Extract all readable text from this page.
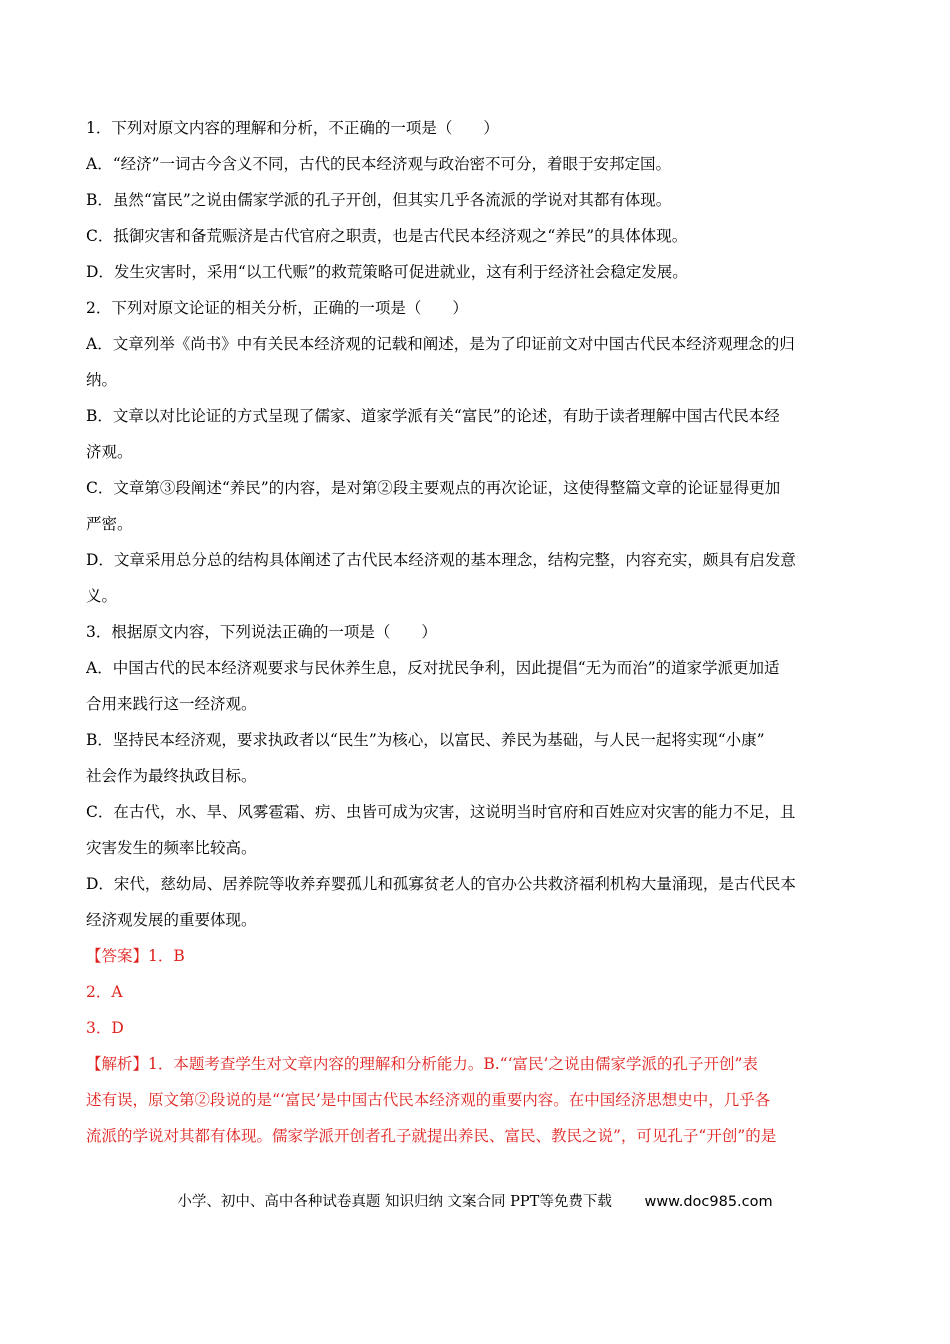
1．下列对原文内容的理解和分析，不正确的一项是（　　）
A．“经济”一词古今含义不同，古代的民本经济观与政治密不可分，着眼于安邦定国。
B．虽然“富民”之说由儒家学派的孔子开创，但其实几乎各流派的学说对其都有体现。
C．抵御灾害和备荒赈济是古代官府之职责，也是古代民本经济观之“养民”的具体体现。
D．发生灾害时，采用“以工代赈”的救荒策略可促进就业，这有利于经济社会稳定发展。
2．下列对原文论证的相关分析，正确的一项是（　　）
A．文章列举《尚书》中有关民本经济观的记载和阐述，是为了印证前文对中国古代民本经济观理念的归
纳。
B．文章以对比论证的方式呈现了儒家、道家学派有关“富民”的论述，有助于读者理解中国古代民本经
济观。
C．文章第③段阐述“养民”的内容，是对第②段主要观点的再次论证，这使得整篇文章的论证显得更加
严密。
D．文章采用总分总的结构具体阐述了古代民本经济观的基本理念，结构完整，内容充实，颇具有启发意
义。
3．根据原文内容，下列说法正确的一项是（　　）
A．中国古代的民本经济观要求与民休养生息，反对扰民争利，因此提倡“无为而治”的道家学派更加适
合用来践行这一经济观。
B．坚持民本经济观，要求执政者以“民生”为核心，以富民、养民为基础，与人民一起将实现“小康”
社会作为最终执政目标。
C．在古代，水、旱、风雾雹霜、疠、虫皆可成为灾害，这说明当时官府和百姓应对灾害的能力不足，且
灾害发生的频率比较高。
D．宋代，慈幼局、居养院等收养弃婴孤儿和孤寡贫老人的官办公共救济福利机构大量涌现，是古代民本
经济观发展的重要体现。
【答案】1．B
2．A
3．D
【解析】1．本题考查学生对文章内容的理解和分析能力。B.“‘富民’之说由儒家学派的孔子开创”表
述有误，原文第②段说的是“‘富民’是中国古代民本经济观的重要内容。在中国经济思想史中，几乎各
流派的学说对其都有体现。儒家学派开创者孔子就提出养民、富民、教民之说”，可见孔子“开创”的是
小学、初中、高中各种试卷真题 知识归纳 文案合同 PPT等免费下载 www.doc985.com
